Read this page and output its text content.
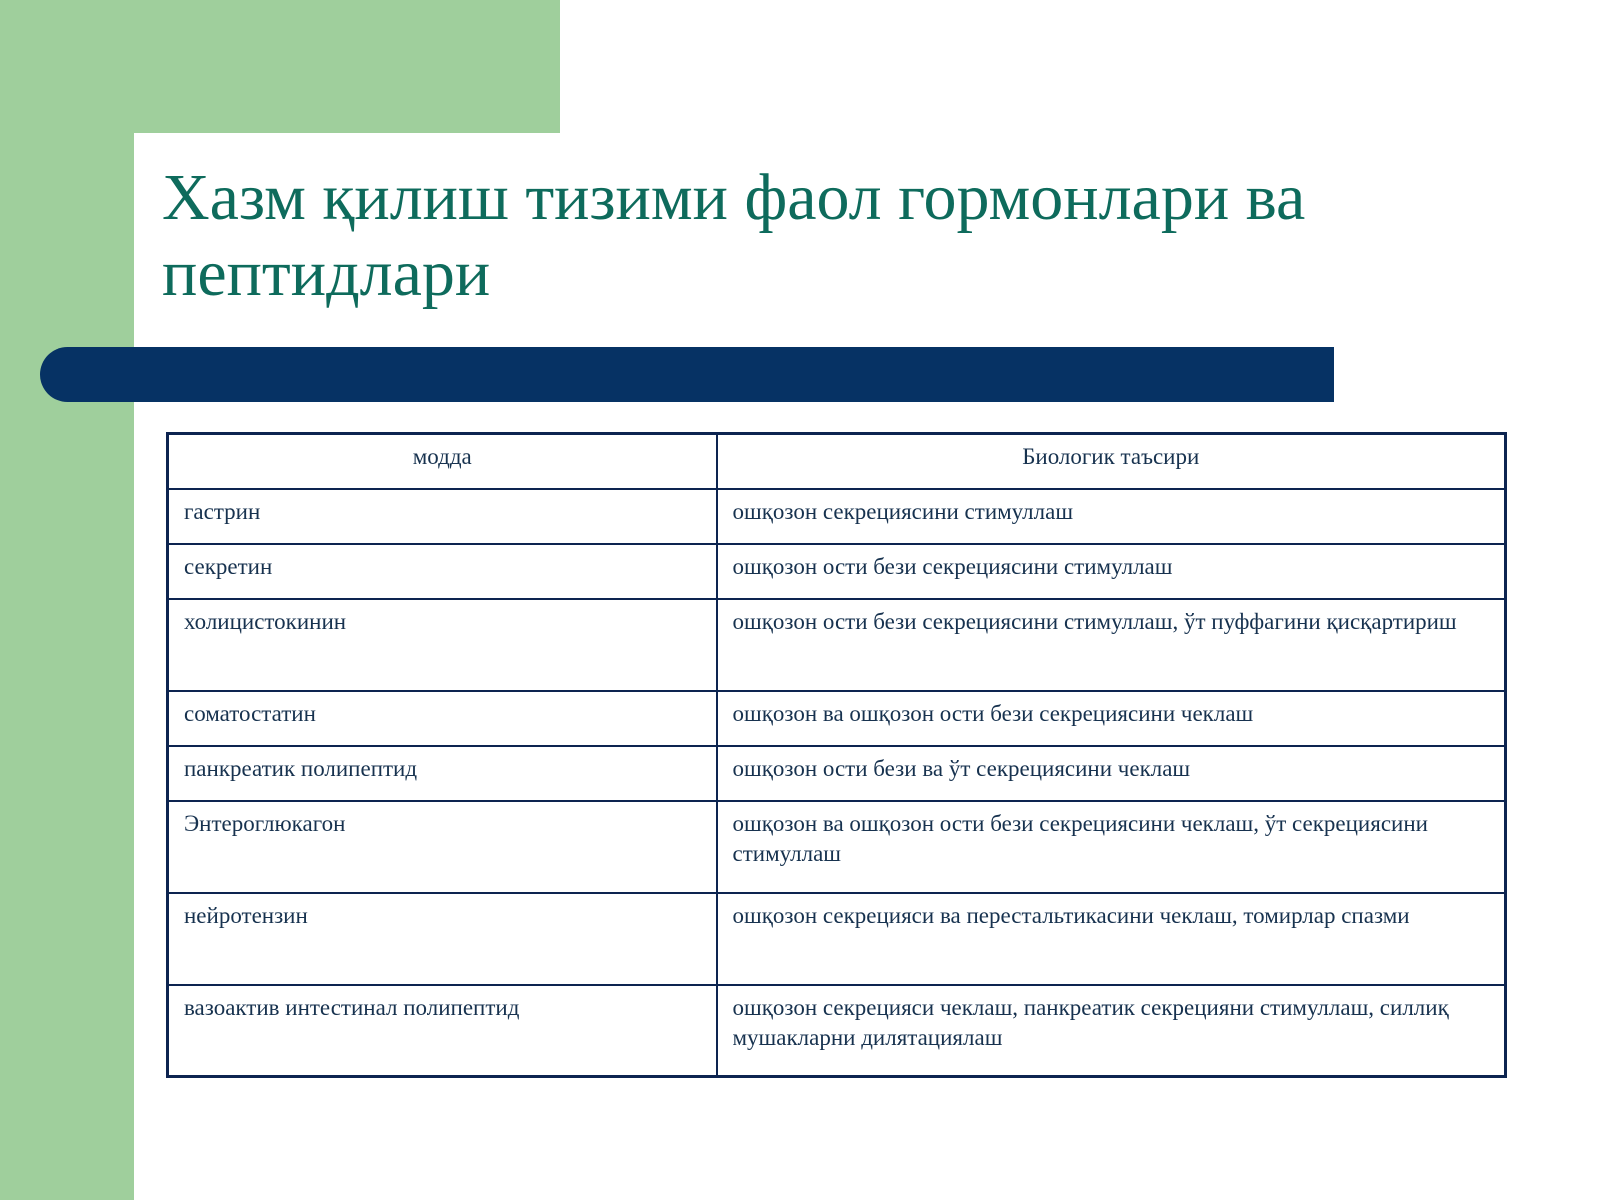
Хазм қилиш тизими фаол гормонлари ва пептидлари
модда	Биологик таъсири
гастрин	ошқозон секрециясини стимуллаш
секретин	ошқозон ости бези секрециясини стимуллаш
холицистокинин	ошқозон ости бези секрециясини стимуллаш, ўт пуффагини қисқартириш
соматостатин	ошқозон ва ошқозон ости бези секрециясини чеклаш
панкреатик полипептид	ошқозон ости бези ва ўт секрециясини чеклаш
Энтероглюкагон	ошқозон ва ошқозон ости бези секрециясини чеклаш, ўт секрециясини стимуллаш
нейротензин	ошқозон секрецияси ва перестальтикасини чеклаш, томирлар спазми
вазоактив интестинал полипептид	ошқозон секрецияси чеклаш, панкреатик секрецияни стимуллаш, силлиқ мушакларни дилятациялаш
